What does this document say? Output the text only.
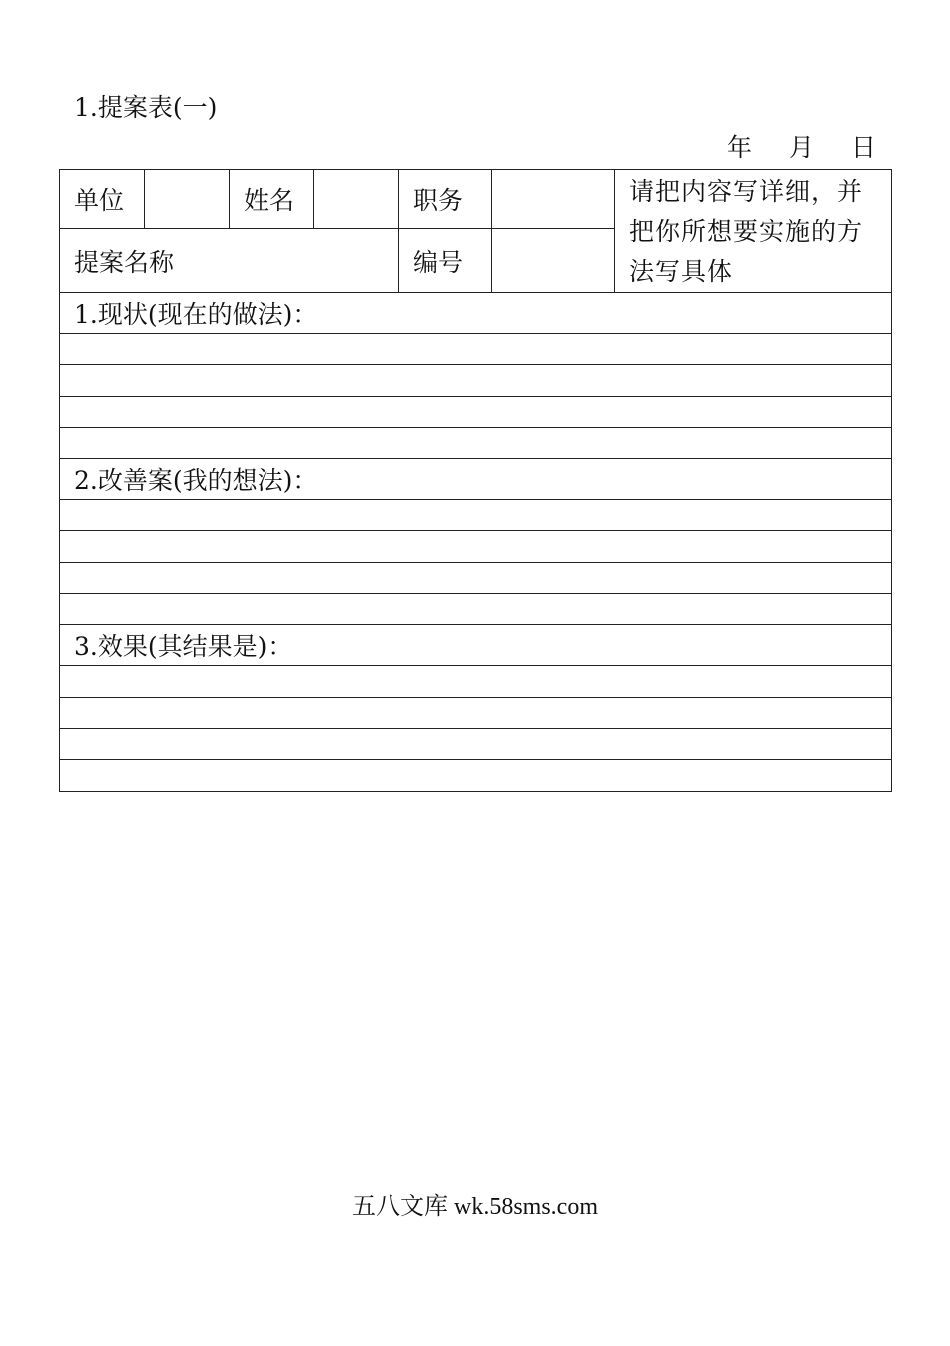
1.提案表(一)
年 月 日
单位		姓名		职务		请把内容写详细，并把你所想要实施的方法写具体
提案名称				编号		
1.现状(现在的做法)：						

2.改善案(我的想法)：						

3.效果(其结果是)：						

五八文库 wk.58sms.com
